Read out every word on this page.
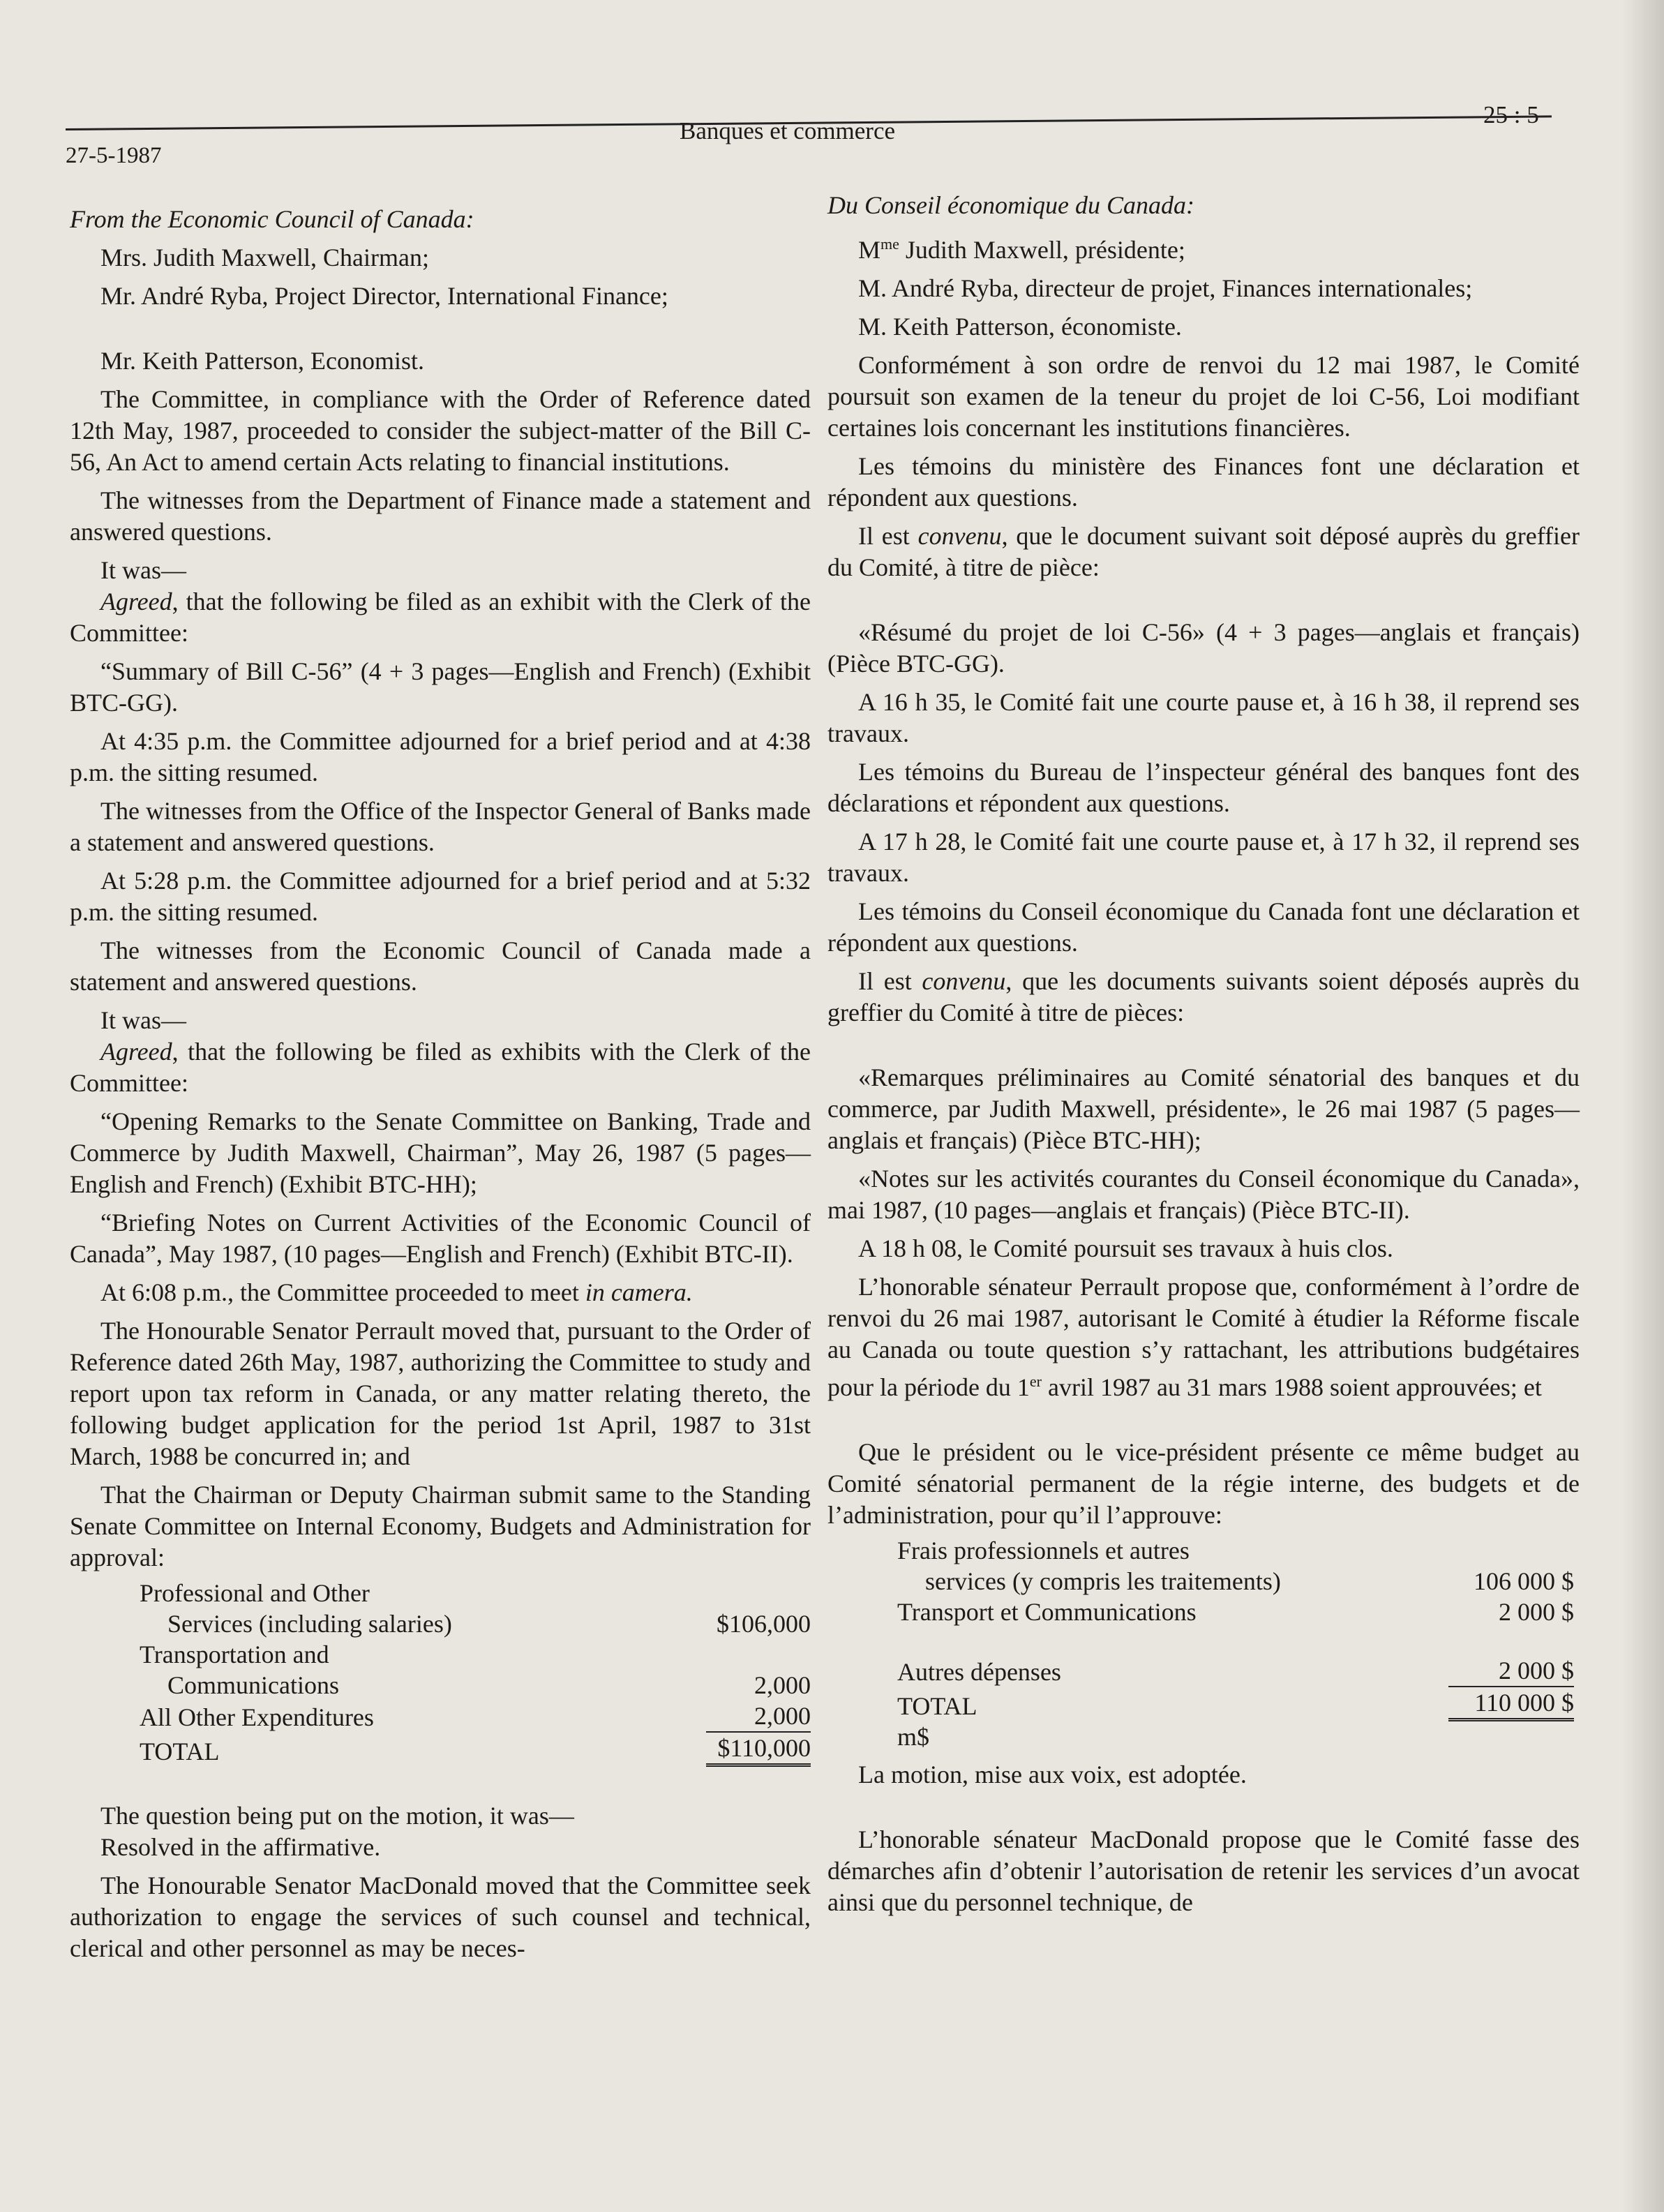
27-5-1987
Banques et commerce
25 : 5

From the Economic Council of Canada:

Mrs. Judith Maxwell, Chairman;

Mr. André Ryba, Project Director, International Finance;

Mr. Keith Patterson, Economist.

The Committee, in compliance with the Order of Reference dated 12th May, 1987, proceeded to consider the subject-matter of the Bill C-56, An Act to amend certain Acts relating to financial institutions.

The witnesses from the Department of Finance made a statement and answered questions.

It was—

Agreed, that the following be filed as an exhibit with the Clerk of the Committee:

“Summary of Bill C-56” (4 + 3 pages—English and French) (Exhibit BTC-GG).

At 4:35 p.m. the Committee adjourned for a brief period and at 4:38 p.m. the sitting resumed.

The witnesses from the Office of the Inspector General of Banks made a statement and answered questions.

At 5:28 p.m. the Committee adjourned for a brief period and at 5:32 p.m. the sitting resumed.

The witnesses from the Economic Council of Canada made a statement and answered questions.

It was—

Agreed, that the following be filed as exhibits with the Clerk of the Committee:

“Opening Remarks to the Senate Committee on Banking, Trade and Commerce by Judith Maxwell, Chairman”, May 26, 1987 (5 pages—English and French) (Exhibit BTC-HH);

“Briefing Notes on Current Activities of the Economic Council of Canada”, May 1987, (10 pages—English and French) (Exhibit BTC-II).

At 6:08 p.m., the Committee proceeded to meet in camera.

The Honourable Senator Perrault moved that, pursuant to the Order of Reference dated 26th May, 1987, authorizing the Committee to study and report upon tax reform in Canada, or any matter relating thereto, the following budget application for the period 1st April, 1987 to 31st March, 1988 be concurred in; and

That the Chairman or Deputy Chairman submit same to the Standing Senate Committee on Internal Economy, Budgets and Administration for approval:

Professional and Other		
Services (including salaries)		$106,000
Transportation and		
Communications		2,000
All Other Expenditures		2,000
TOTAL		$110,000

The question being put on the motion, it was—

Resolved in the affirmative.

The Honourable Senator MacDonald moved that the Committee seek authorization to engage the services of such counsel and technical, clerical and other personnel as may be neces-

Du Conseil économique du Canada:

$M^{me}$ Judith Maxwell, présidente;

M. André Ryba, directeur de projet, Finances internationales;

M. Keith Patterson, économiste.

Conformément à son ordre de renvoi du 12 mai 1987, le Comité poursuit son examen de la teneur du projet de loi C-56, Loi modifiant certaines lois concernant les institutions financières.

Les témoins du ministère des Finances font une déclaration et répondent aux questions.

Il est convenu, que le document suivant soit déposé auprès du greffier du Comité, à titre de pièce:

«Résumé du projet de loi C-56» (4 + 3 pages—anglais et français) (Pièce BTC-GG).

A 16 h 35, le Comité fait une courte pause et, à 16 h 38, il reprend ses travaux.

Les témoins du Bureau de l’inspecteur général des banques font des déclarations et répondent aux questions.

A 17 h 28, le Comité fait une courte pause et, à 17 h 32, il reprend ses travaux.

Les témoins du Conseil économique du Canada font une déclaration et répondent aux questions.

Il est convenu, que les documents suivants soient déposés auprès du greffier du Comité à titre de pièces:

«Remarques préliminaires au Comité sénatorial des banques et du commerce, par Judith Maxwell, présidente», le 26 mai 1987 (5 pages—anglais et français) (Pièce BTC-HH);

«Notes sur les activités courantes du Conseil économique du Canada», mai 1987, (10 pages—anglais et français) (Pièce BTC-II).

A 18 h 08, le Comité poursuit ses travaux à huis clos.

L’honorable sénateur Perrault propose que, conformément à l’ordre de renvoi du 26 mai 1987, autorisant le Comité à étudier la Réforme fiscale au Canada ou toute question s’y rattachant, les attributions budgétaires pour la période du 1er avril 1987 au 31 mars 1988 soient approuvées; et

Que le président ou le vice-président présente ce même budget au Comité sénatorial permanent de la régie interne, des budgets et de l’administration, pour qu’il l’approuve:

Frais professionnels et autres	
services (y compris les traitements)	106 000 $
Transport et Communications	2 000 $

Autres dépenses	2 000 $
TOTAL	110 000 $
m$	

La motion, mise aux voix, est adoptée.

L’honorable sénateur MacDonald propose que le Comité fasse des démarches afin d’obtenir l’autorisation de retenir les services d’un avocat ainsi que du personnel technique, de
